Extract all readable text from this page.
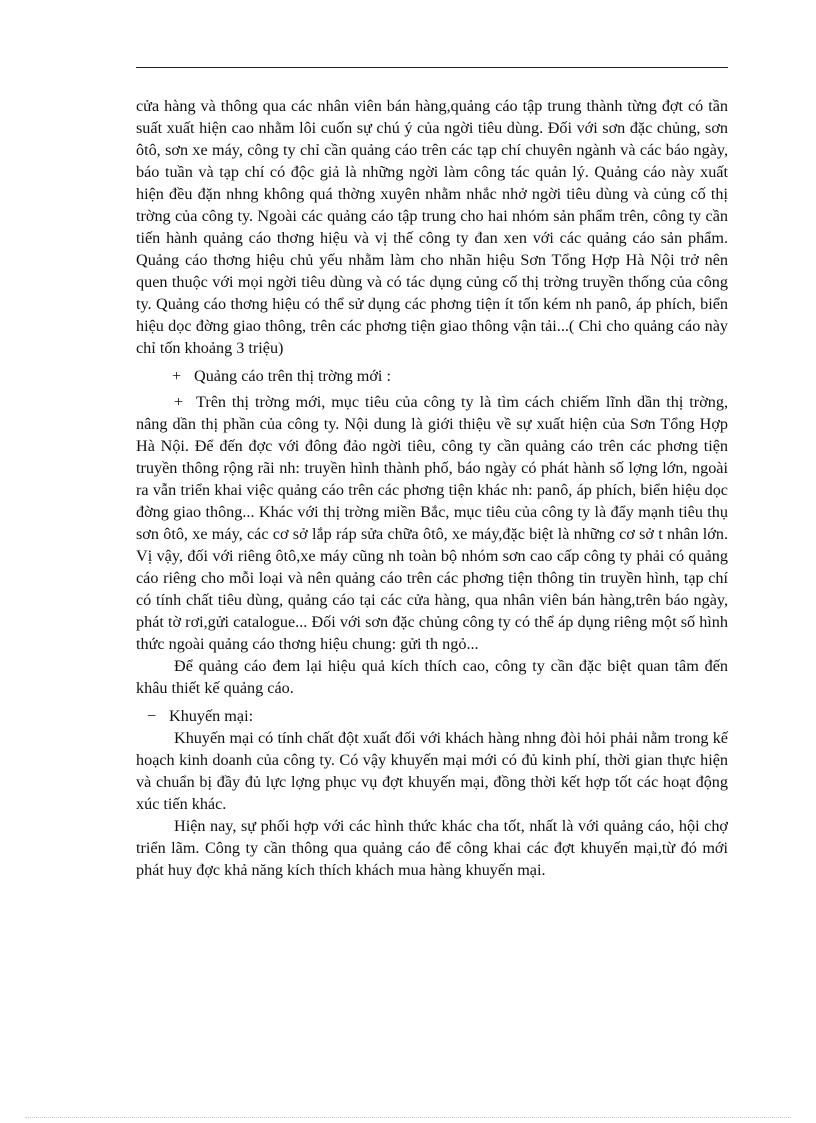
cửa hàng và thông qua các nhân viên bán hàng,quảng cáo tập trung thành từng đợt có tần suất xuất hiện cao nhằm lôi cuốn sự chú ý của ngời tiêu dùng. Đối với sơn đặc chủng, sơn ôtô, sơn xe máy, công ty chỉ cần quảng cáo trên các tạp chí chuyên ngành và các báo ngày, báo tuần và tạp chí có độc giả là những ngời làm công tác quản lý. Quảng cáo này xuất hiện đều đặn nhng không quá thờng xuyên nhằm nhắc nhở ngời tiêu dùng và củng cố thị trờng của công ty. Ngoài các quảng cáo tập trung cho hai nhóm sản phẩm trên, công ty cần tiến hành quảng cáo thơng hiệu và vị thế công ty đan xen với các quảng cáo sản phẩm. Quảng cáo thơng hiệu chủ yếu nhằm làm cho nhãn hiệu Sơn Tổng Hợp Hà Nội trở nên quen thuộc với mọi ngời tiêu dùng và có tác dụng củng cố thị trờng truyền thống của công ty. Quảng cáo thơng hiệu có thể sử dụng các phơng tiện ít tốn kém nh panô, áp phích, biển hiệu dọc đờng giao thông, trên các phơng tiện giao thông vận tải...( Chi cho quảng cáo này chỉ tốn khoảng 3 triệu)

+ Quảng cáo trên thị trờng mới :

+ Trên thị trờng mới, mục tiêu của công ty là tìm cách chiếm lĩnh dần thị trờng, nâng dần thị phần của công ty. Nội dung là giới thiệu về sự xuất hiện của Sơn Tổng Hợp Hà Nội. Để đến đợc với đông đảo ngời tiêu, công ty cần quảng cáo trên các phơng tiện truyền thông rộng rãi nh: truyền hình thành phố, báo ngày có phát hành số lợng lớn, ngoài ra vẫn triển khai việc quảng cáo trên các phơng tiện khác nh: panô, áp phích, biển hiệu dọc đờng giao thông... Khác với thị trờng miền Bắc, mục tiêu của công ty là đẩy mạnh tiêu thụ sơn ôtô, xe máy, các cơ sở lắp ráp sửa chữa ôtô, xe máy,đặc biệt là những cơ sở t nhân lớn. Vị vậy, đối với riêng ôtô,xe máy cũng nh toàn bộ nhóm sơn cao cấp công ty phải có quảng cáo riêng cho mỗi loại và nên quảng cáo trên các phơng tiện thông tin truyền hình, tạp chí có tính chất tiêu dùng, quảng cáo tại các cửa hàng, qua nhân viên bán hàng,trên báo ngày, phát tờ rơi,gửi catalogue... Đối với sơn đặc chủng công ty có thể áp dụng riêng một số hình thức ngoài quảng cáo thơng hiệu chung: gửi th ngỏ...

Để quảng cáo đem lại hiệu quả kích thích cao, công ty cần đặc biệt quan tâm đến khâu thiết kế quảng cáo.

− Khuyến mại:

Khuyến mại có tính chất đột xuất đối với khách hàng nhng đòi hỏi phải nằm trong kế hoạch kinh doanh của công ty. Có vậy khuyến mại mới có đủ kinh phí, thời gian thực hiện và chuẩn bị đầy đủ lực lợng phục vụ đợt khuyến mại, đồng thời kết hợp tốt các hoạt động xúc tiến khác.

Hiện nay, sự phối hợp với các hình thức khác cha tốt, nhất là với quảng cáo, hội chợ triển lãm. Công ty cần thông qua quảng cáo để công khai các đợt khuyến mại,từ đó mới phát huy đợc khả năng kích thích khách mua hàng khuyến mại.
